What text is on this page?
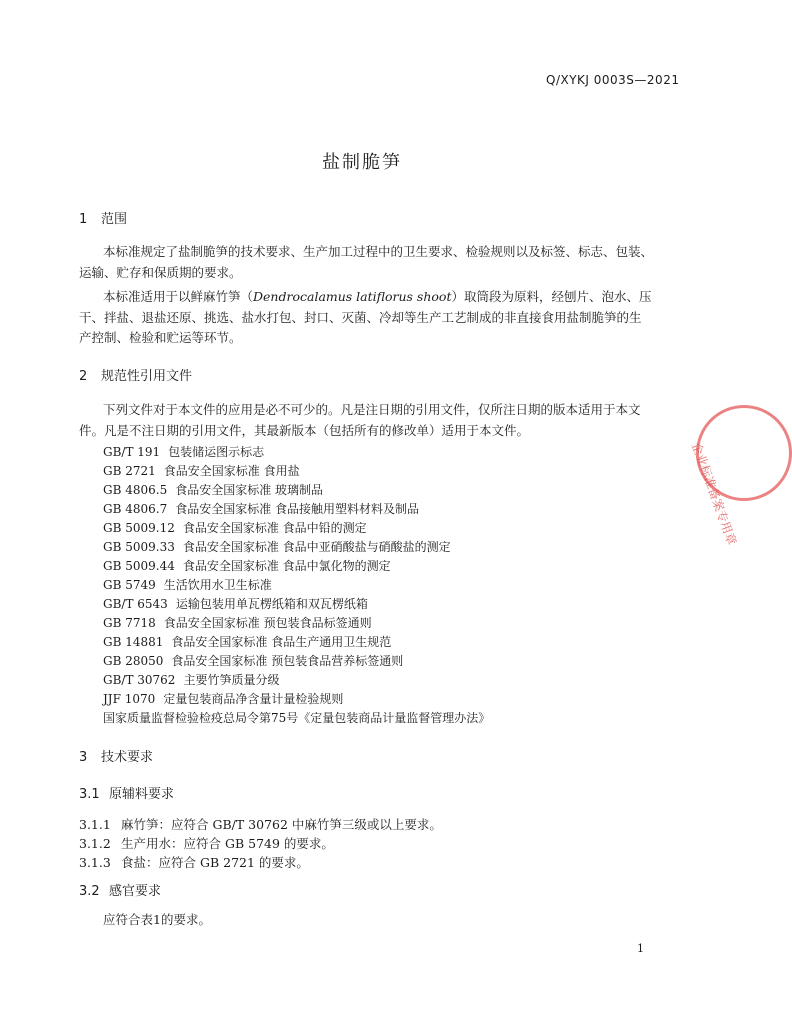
Q/XYKJ 0003S—2021
盐制脆笋
1 范围
本标准规定了盐制脆笋的技术要求、生产加工过程中的卫生要求、检验规则以及标签、标志、包装、
运输、贮存和保质期的要求。
本标准适用于以鲜麻竹笋（Dendrocalamus latiflorus shoot）取筒段为原料，经刨片、泡水、压
干、拌盐、退盐还原、挑选、盐水打包、封口、灭菌、冷却等生产工艺制成的非直接食用盐制脆笋的生
产控制、检验和贮运等环节。
2 规范性引用文件
下列文件对于本文件的应用是必不可少的。凡是注日期的引用文件，仅所注日期的版本适用于本文
件。凡是不注日期的引用文件，其最新版本（包括所有的修改单）适用于本文件。
GB/T 191 包装储运图示标志
GB 2721 食品安全国家标准 食用盐
GB 4806.5 食品安全国家标准 玻璃制品
GB 4806.7 食品安全国家标准 食品接触用塑料材料及制品
GB 5009.12 食品安全国家标准 食品中铅的测定
GB 5009.33 食品安全国家标准 食品中亚硝酸盐与硝酸盐的测定
GB 5009.44 食品安全国家标准 食品中氯化物的测定
GB 5749 生活饮用水卫生标准
GB/T 6543 运输包装用单瓦楞纸箱和双瓦楞纸箱
GB 7718 食品安全国家标准 预包装食品标签通则
GB 14881 食品安全国家标准 食品生产通用卫生规范
GB 28050 食品安全国家标准 预包装食品营养标签通则
GB/T 30762 主要竹笋质量分级
JJF 1070 定量包装商品净含量计量检验规则
国家质量监督检验检疫总局令第75号《定量包装商品计量监督管理办法》
3 技术要求
3.1 原辅料要求
3.1.1 麻竹笋：应符合 GB/T 30762 中麻竹笋三级或以上要求。
3.1.2 生产用水：应符合 GB 5749 的要求。
3.1.3 食盐：应符合 GB 2721 的要求。
3.2 感官要求
应符合表1的要求。
企业标准备案专用章
1
